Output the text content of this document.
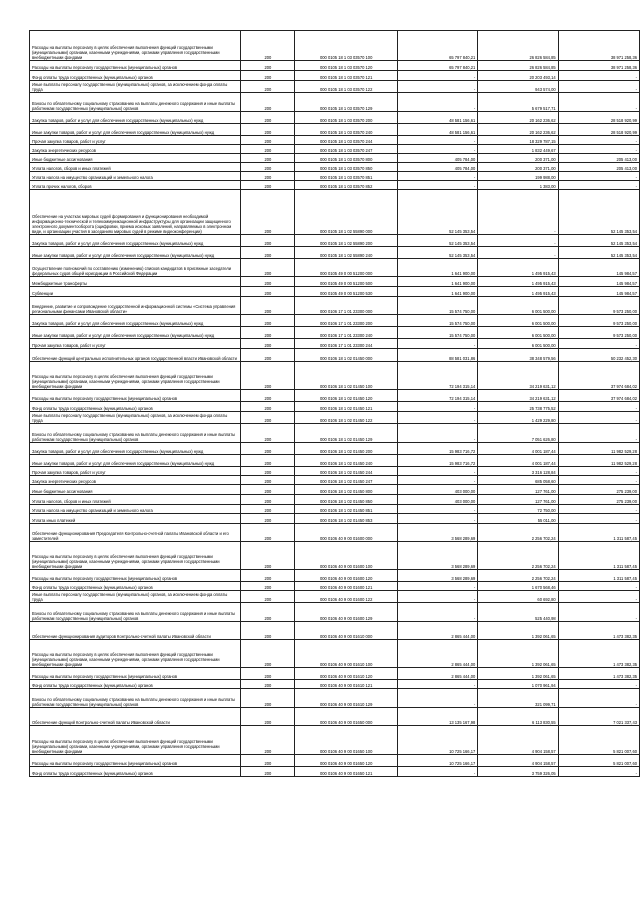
Расходы на выплаты персоналу в целях обеспечения выполнения функций государственными (муниципальными) органами, казенными учреждениями, органами управления государственными внебюджетными фондами	200	000 0105 18 1 03 03570 100	65 797 840,21	26 826 584,85	38 971 258,36
Расходы на выплаты персоналу государственных (муниципальных) органов	200	000 0105 18 1 03 03570 120	65 797 840,21	26 826 584,85	38 971 258,36
Фонд оплаты труда государственных (муниципальных) органов	200	000 0105 18 1 03 03570 121	-	20 203 493,14	-
Иные выплаты персоналу государственных (муниципальных) органов, за исключением фонда оплаты труда	200	000 0105 18 1 03 03570 122	-	943 574,00	-
Взносы по обязательному социальному страхованию на выплаты денежного содержания и иные выплаты работникам государственных (муниципальных) органов	200	000 0105 18 1 03 03570 129	-	5 679 517,71	-
Закупка товаров, работ и услуг для обеспечения государственных (муниципальных) нужд	200	000 0105 18 1 03 03570 200	48 581 156,61	20 162 236,62	28 518 920,99
Иные закупки товаров, работ и услуг для обеспечения государственных (муниципальных) нужд	200	000 0105 18 1 03 03570 240	48 581 156,61	20 162 236,62	28 518 920,99
Прочая закупка товаров, работ и услуг	200	000 0105 18 1 03 03570 244	-	18 329 787,15	-
Закупка энергетических ресурсов	200	000 0105 18 1 03 03570 247	-	1 832 449,67	-
Иные бюджетные ассигнования	200	000 0105 18 1 03 03570 800	405 784,00	200 371,00	205 413,00
Уплата налогов, сборов и иных платежей	200	000 0105 18 1 03 03570 850	405 784,00	200 371,00	205 413,00
Уплата налога на имущество организаций и земельного налога	200	000 0105 18 1 03 03570 851	-	199 988,00	-
Уплата прочих налогов, сборов	200	000 0105 18 1 03 03570 852	-	1 383,00	-
Обеспечение на участках мировых судей формирования и функционирования необходимой информационно-технической и телекоммуникационной инфраструктуры для организации защищенного электронного документооборота (оцифровки, приема исковых заявлений, направляемых в электронном виде, и организации участия в заседаниях мировых судей в режиме видеоконференции)	200	000 0105 18 1 02 55890 000	52 145 353,54	-	52 145 353,54
Закупка товаров, работ и услуг для обеспечения государственных (муниципальных) нужд	200	000 0105 18 1 02 55890 200	52 145 353,54	-	52 145 353,54
Иные закупки товаров, работ и услуг для обеспечения государственных (муниципальных) нужд	200	000 0105 18 1 02 55890 240	52 145 353,54	-	52 145 353,54
Осуществление полномочий по составлению (изменению) списков кандидатов в присяжные заседатели федеральных судов общей юрисдикции в Российской Федерации	200	000 0105 49 0 00 51200 000	1 641 900,00	1 495 915,43	145 984,57
Межбюджетные трансферты	200	000 0105 49 0 00 51200 500	1 641 900,00	1 495 915,43	145 984,57
Субвенции	200	000 0105 49 0 00 51200 530	1 641 900,00	1 495 915,43	145 984,57
Внедрение, развитие и сопровождение государственной информационной системы «Система управления региональными финансами Ивановской области»	200	000 0106 17 1 01 23300 000	15 574 750,00	6 001 500,00	9 573 250,00
Закупка товаров, работ и услуг для обеспечения государственных (муниципальных) нужд	200	000 0106 17 1 01 23300 200	15 574 750,00	6 001 500,00	9 573 250,00
Иные закупки товаров, работ и услуг для обеспечения государственных (муниципальных) нужд	200	000 0106 17 1 01 23300 240	15 574 750,00	6 001 500,00	9 573 250,00
Прочая закупка товаров, работ и услуг	200	000 0106 17 1 01 23300 244	-	6 001 500,00	-
Обеспечение функций центральных исполнительных органов государственной власти Ивановской области	200	000 0106 18 1 02 01450 000	88 581 031,86	38 348 579,56	50 232 452,30
Расходы на выплаты персоналу в целях обеспечения выполнения функций государственными (муниципальными) органами, казенными учреждениями, органами управления государственными внебюджетными фондами	200	000 0106 18 1 02 01450 100	72 194 315,14	34 219 631,12	37 974 684,02
Расходы на выплаты персоналу государственных (муниципальных) органов	200	000 0106 18 1 02 01450 120	72 194 315,14	34 219 631,12	37 974 684,02
Фонд оплаты труда государственных (муниципальных) органов	200	000 0106 18 1 02 01450 121	-	25 738 775,52	-
Иные выплаты персоналу государственных (муниципальных) органов, за исключением фонда оплаты труда	200	000 0106 18 1 02 01450 122	-	1 429 229,80	-
Взносы по обязательному социальному страхованию на выплаты денежного содержания и иные выплаты работникам государственных (муниципальных) органов	200	000 0106 18 1 02 01450 129	-	7 051 626,80	-
Закупка товаров, работ и услуг для обеспечения государственных (муниципальных) нужд	200	000 0106 18 1 02 01450 200	15 983 716,72	4 001 187,44	11 982 529,28
Иные закупки товаров, работ и услуг для обеспечения государственных (муниципальных) нужд	200	000 0106 18 1 02 01450 240	15 983 716,72	4 001 187,44	11 982 529,28
Прочая закупка товаров, работ и услуг	200	000 0106 18 1 02 01450 244	-	3 316 128,84	-
Закупка энергетических ресурсов	200	000 0106 18 1 02 01450 247	-	685 058,60	-
Иные бюджетные ассигнования	200	000 0106 18 1 02 01450 800	403 000,00	127 761,00	275 239,00
Уплата налогов, сборов и иных платежей	200	000 0106 18 1 02 01450 850	403 000,00	127 761,00	275 239,00
Уплата налога на имущество организаций и земельного налога	200	000 0106 18 1 02 01450 851	-	72 750,00	-
Уплата иных платежей	200	000 0106 18 1 02 01450 853	-	55 011,00	-
Обеспечение функционирования Председателя Контрольно-счетной палаты Ивановской области и его заместителей	200	000 0106 40 9 00 01600 000	3 568 289,69	2 256 702,24	1 311 587,45
Расходы на выплаты персоналу в целях обеспечения выполнения функций государственными (муниципальными) органами, казенными учреждениями, органами управления государственными внебюджетными фондами	200	000 0106 40 9 00 01600 100	3 568 289,69	2 256 702,24	1 311 587,45
Расходы на выплаты персоналу государственных (муниципальных) органов	200	000 0106 40 9 00 01600 120	3 568 289,69	2 256 702,24	1 311 587,45
Фонд оплаты труда государственных (муниципальных) органов	200	000 0106 40 9 00 01600 121	-	1 670 568,46	-
Иные выплаты персоналу государственных (муниципальных) органов, за исключением фонда оплаты труда	200	000 0106 40 9 00 01600 122	-	60 692,80	-
Взносы по обязательному социальному страхованию на выплаты денежного содержания и иные выплаты работникам государственных (муниципальных) органов	200	000 0106 40 9 00 01600 129	-	525 440,98	-
Обеспечение функционирования аудиторов Контрольно-счетной палаты Ивановской области	200	000 0106 40 9 00 01610 000	2 865 444,00	1 392 061,65	1 473 382,35
Расходы на выплаты персоналу в целях обеспечения выполнения функций государственными (муниципальными) органами, казенными учреждениями, органами управления государственными внебюджетными фондами	200	000 0106 40 9 00 01610 100	2 865 444,00	1 392 061,65	1 473 382,35
Расходы на выплаты персоналу государственных (муниципальных) органов	200	000 0106 40 9 00 01610 120	2 865 444,00	1 392 061,65	1 473 382,35
Фонд оплаты труда государственных (муниципальных) органов	200	000 0106 40 9 00 01610 121	-	1 070 961,94	-
Взносы по обязательному социальному страхованию на выплаты денежного содержания и иные выплаты работникам государственных (муниципальных) органов	200	000 0106 40 9 00 01610 129	-	321 099,71	-
Обеспечение функций Контрольно-счетной палаты Ивановской области	200	000 0106 40 9 00 01650 000	13 135 167,98	6 113 830,55	7 021 337,43
Расходы на выплаты персоналу в целях обеспечения выполнения функций государственными (муниципальными) органами, казенными учреждениями, органами управления государственными внебюджетными фондами	200	000 0106 40 9 00 01650 100	10 725 166,17	4 904 158,57	5 821 007,60
Расходы на выплаты персоналу государственных (муниципальных) органов	200	000 0106 40 9 00 01650 120	10 725 166,17	4 904 158,57	5 821 007,60
Фонд оплаты труда государственных (муниципальных) органов	200	000 0106 40 9 00 01650 121	-	3 759 326,05	-
